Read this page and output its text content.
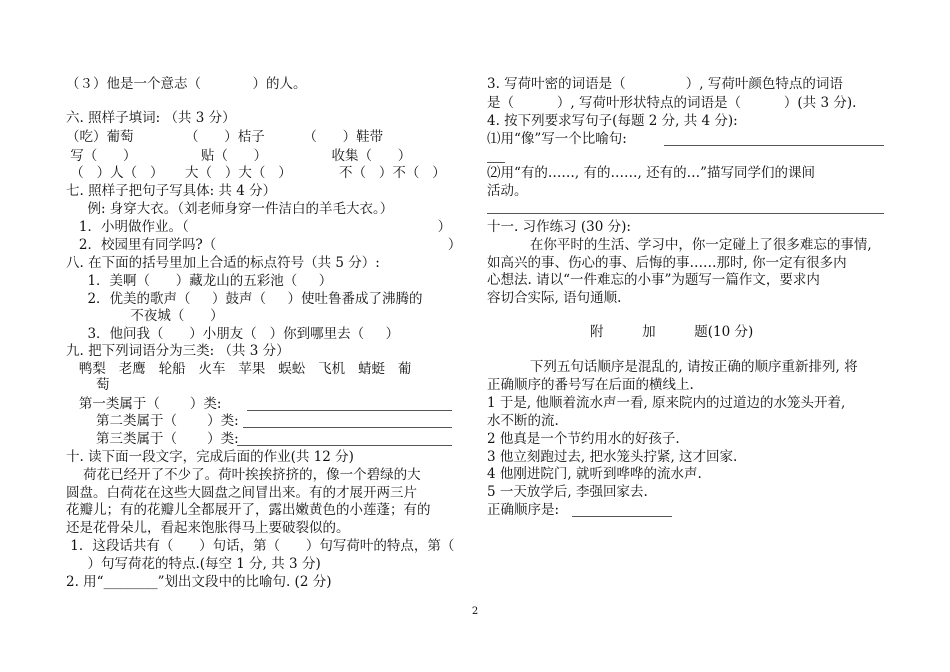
（３）他是一个意志（            ）的人。
六. 照样子填词: （共 3 分）
（吃）葡萄            （      ）桔子         （      ）鞋带
写（      ）               贴（      ）               收集（      ）
（   ）人（   ）     大（   ）大（   ）           不（   ）不（   ）
七. 照样子把句子写具体: 共 4 分）
例: 身穿大衣。（刘老师身穿一件洁白的羊毛大衣。）
1．小明做作业。（                                                          ）
2．校园里有同学吗?（                                                      ）
八. 在下面的括号里加上合适的标点符号（共 5 分）:
1．美啊（      ）藏龙山的五彩池（     ）
2．优美的歌声（     ）鼓声（     ）使吐鲁番成了沸腾的
不夜城（      ）
3．他问我（      ）小朋友（   ）你到哪里去（     ）
九. 把下列词语分为三类: （共 3 分）
鸭梨   老鹰   轮船   火车   苹果   蜈蚣   飞机   蜻蜓   葡
萄
第一类属于（       ）类:
第二类属于（       ）类:
第三类属于（       ）类:
十. 读下面一段文字，完成后面的作业(共 12 分)
荷花已经开了不少了。荷叶挨挨挤挤的，像一个碧绿的大
圆盘。白荷花在这些大圆盘之间冒出来。有的才展开两三片
花瓣儿；有的花瓣儿全都展开了，露出嫩黄色的小莲蓬；有的
还是花骨朵儿，看起来饱胀得马上要破裂似的。
1．这段话共有（      ）句话，第（      ）句写荷叶的特点，第（
）句写荷花的特点.(每空 1 分, 共 3 分)
2. 用“________”划出文段中的比喻句. (2 分)
3. 写荷叶密的词语是（              ）, 写荷叶颜色特点的词语
是（          ）, 写荷叶形状特点的词语是（          ）(共 3 分).
4. 按下列要求写句子(每题 2 分, 共 4 分):
⑴用“像”写一个比喻句:
⑵用“有的……, 有的……, 还有的…”描写同学们的课间
活动。
十一. 习作练习 (30 分):
在你平时的生活、学习中，你一定碰上了很多难忘的事情,
如高兴的事、伤心的事、后悔的事……那时, 你一定有很多内
心想法. 请以“一件难忘的小事”为题写一篇作文，要求内
容切合实际, 语句通顺.
附         加         题(10 分)
下列五句话顺序是混乱的, 请按正确的顺序重新排列, 将
正确顺序的番号写在后面的横线上.
1 于是, 他顺着流水声一看, 原来院内的过道边的水笼头开着,
水不断的流.
2 他真是一个节约用水的好孩子.
3 他立刻跑过去, 把水笼头拧紧, 这才回家.
4 他刚进院门, 就听到哗哗的流水声.
5 一天放学后, 李强回家去.
正确顺序是:
2
